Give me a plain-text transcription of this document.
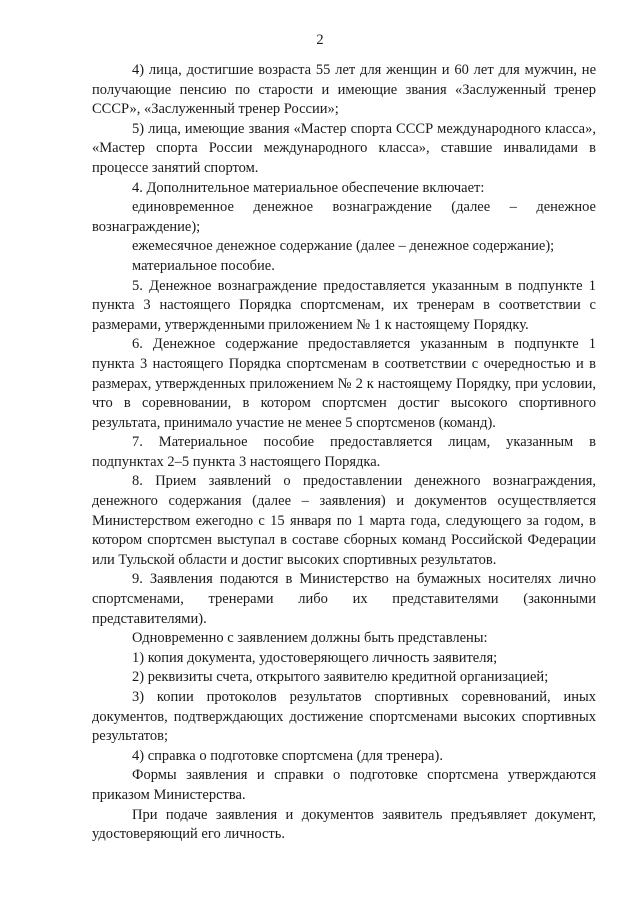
2

4) лица, достигшие возраста 55 лет для женщин и 60 лет для мужчин, не получающие пенсию по старости и имеющие звания «Заслуженный тренер СССР», «Заслуженный тренер России»;

5) лица, имеющие звания «Мастер спорта СССР международного класса», «Мастер спорта России международного класса», ставшие инвалидами в процессе занятий спортом.

4. Дополнительное материальное обеспечение включает:

единовременное денежное вознаграждение (далее – денежное вознаграждение);

ежемесячное денежное содержание (далее – денежное содержание);

материальное пособие.

5. Денежное вознаграждение предоставляется указанным в подпункте 1 пункта 3 настоящего Порядка спортсменам, их тренерам в соответствии с размерами, утвержденными приложением № 1 к настоящему Порядку.

6. Денежное содержание предоставляется указанным в подпункте 1 пункта 3 настоящего Порядка спортсменам в соответствии с очередностью и в размерах, утвержденных приложением № 2 к настоящему Порядку, при условии, что в соревновании, в котором спортсмен достиг высокого спортивного результата, принимало участие не менее 5 спортсменов (команд).

7. Материальное пособие предоставляется лицам, указанным в подпунктах 2–5 пункта 3 настоящего Порядка.

8. Прием заявлений о предоставлении денежного вознаграждения, денежного содержания (далее – заявления) и документов осуществляется Министерством ежегодно с 15 января по 1 марта года, следующего за годом, в котором спортсмен выступал в составе сборных команд Российской Федерации или Тульской области и достиг высоких спортивных результатов.

9. Заявления подаются в Министерство на бумажных носителях лично спортсменами, тренерами либо их представителями (законными представителями).

Одновременно с заявлением должны быть представлены:

1) копия документа, удостоверяющего личность заявителя;

2) реквизиты счета, открытого заявителю кредитной организацией;

3) копии протоколов результатов спортивных соревнований, иных документов, подтверждающих достижение спортсменами высоких спортивных результатов;

4) справка о подготовке спортсмена (для тренера).

Формы заявления и справки о подготовке спортсмена утверждаются приказом Министерства.

При подаче заявления и документов заявитель предъявляет документ, удостоверяющий его личность.
